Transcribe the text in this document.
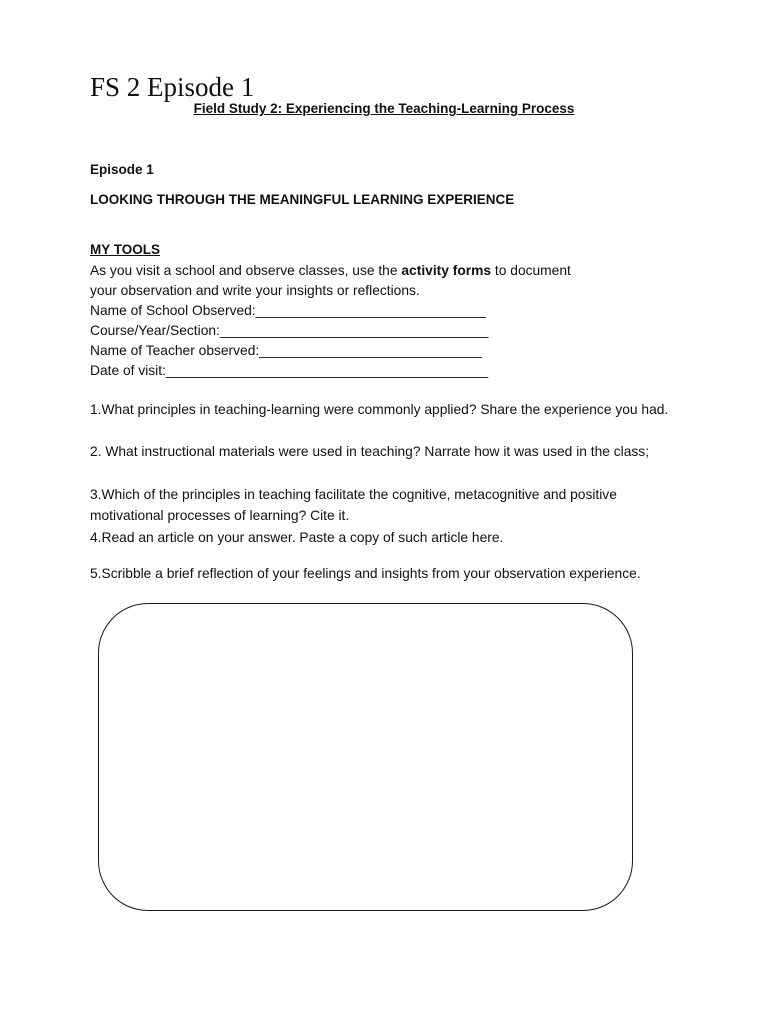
FS 2 Episode 1
Field Study 2: Experiencing the Teaching-Learning Process
Episode 1
LOOKING THROUGH THE MEANINGFUL LEARNING EXPERIENCE
MY TOOLS
As you visit a school and observe classes, use the activity forms to document
your observation and write your insights or reflections.
Name of School Observed:______________________________
Course/Year/Section:___________________________________
Name of Teacher observed:_____________________________
Date of visit:__________________________________________
1.What principles in teaching-learning were commonly applied? Share the experience you had.
2. What instructional materials were used in teaching? Narrate how it was used in the class;
3.Which of the principles in teaching facilitate the cognitive, metacognitive and positive motivational processes of learning? Cite it.
4.Read an article on your answer. Paste a copy of such article here.
5.Scribble a brief reflection of your feelings and insights from your observation experience.
